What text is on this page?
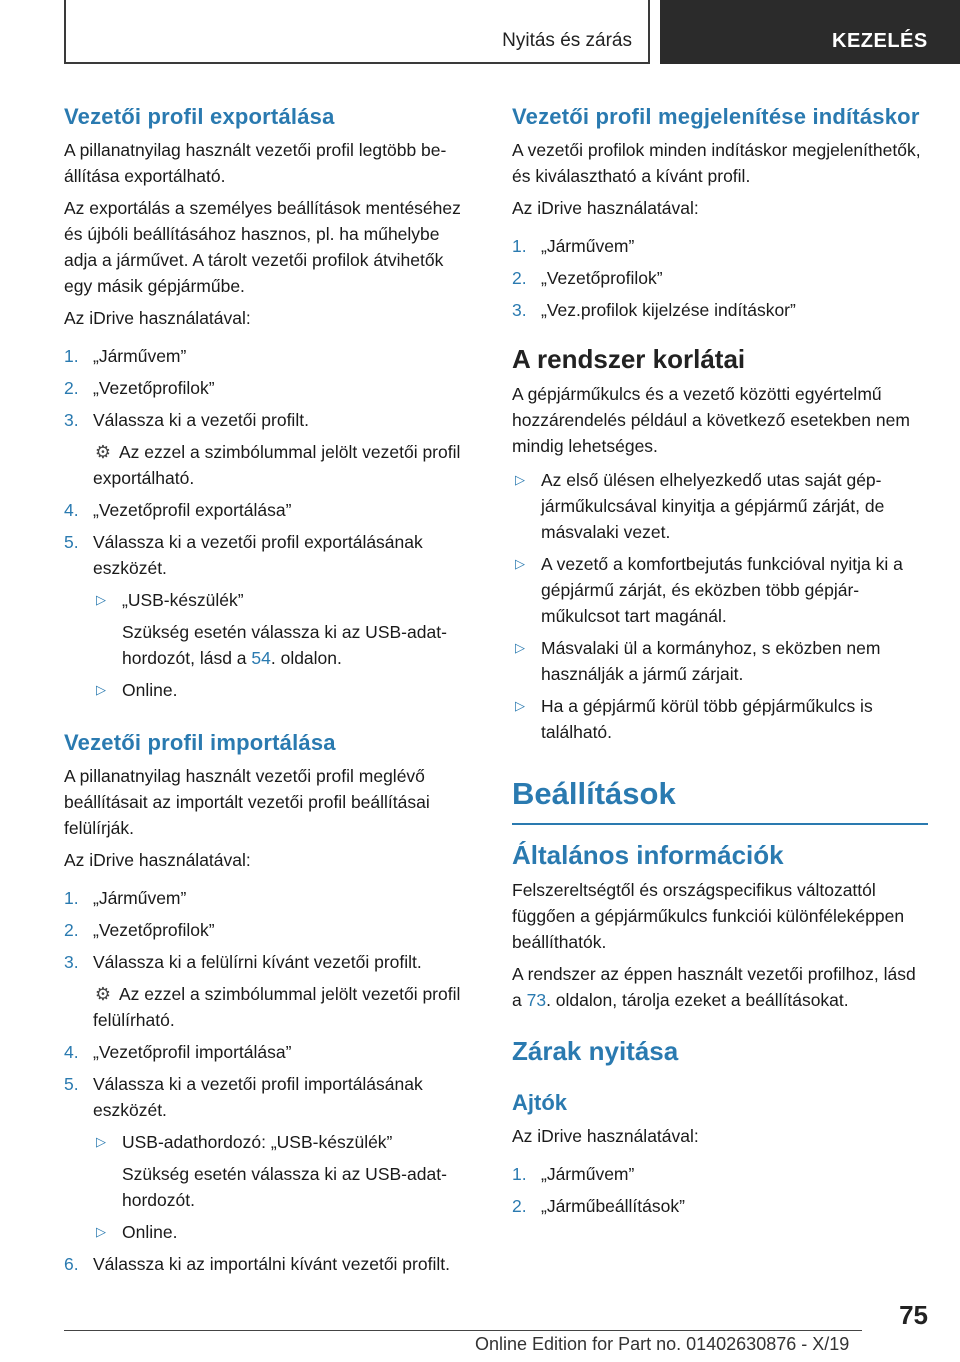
Nyitás és zárás	KEZELÉS
Vezetői profil exportálása

A pillanatnyilag használt vezetői profil legtöbb beállítása exportálható.

Az exportálás a személyes beállítások mentéséhez és újbóli beállításához hasznos, pl. ha műhelybe adja a járművet. A tárolt vezetői profilok átvihetők egy másik gépjárműbe.

Az iDrive használatával:

1. „Járművem”
2. „Vezetőprofilok”
3. Válassza ki a vezetői profilt.
⚙ Az ezzel a szimbólummal jelölt vezetői profil exportálható.
4. „Vezetőprofil exportálása”
5. Válassza ki a vezetői profil exportálásának eszközét.
▷ „USB-készülék”
Szükség esetén válassza ki az USB-adathordozót, lásd a 54. oldalon.
▷ Online.
Vezetői profil importálása

A pillanatnyilag használt vezetői profil meglévő beállításait az importált vezetői profil beállításai felülírják.

Az iDrive használatával:

1. „Járművem”
2. „Vezetőprofilok”
3. Válassza ki a felülírni kívánt vezetői profilt.
⚙ Az ezzel a szimbólummal jelölt vezetői profil felülírható.
4. „Vezetőprofil importálása”
5. Válassza ki a vezetői profil importálásának eszközét.
▷ USB-adathordozó: „USB-készülék”
Szükség esetén válassza ki az USB-adathordozót.
▷ Online.
6. Válassza ki az importálni kívánt vezetői profilt.
Vezetői profil megjelenítése indításkor

A vezetői profilok minden indításkor megjeleníthetők, és kiválasztható a kívánt profil.

Az iDrive használatával:

1. „Járművem”
2. „Vezetőprofilok”
3. „Vez.profilok kijelzése indításkor”
A rendszer korlátai

A gépjárműkulcs és a vezető közötti egyértelmű hozzárendelés például a következő esetekben nem mindig lehetséges.

▷ Az első ülésen elhelyezkedő utas saját gépjárműkulcsával kinyitja a gépjármű zárját, de másvalaki vezet.
▷ A vezető a komfortbejutás funkcióval nyitja ki a gépjármű zárját, és eközben több gépjárműkulcsot tart magánál.
▷ Másvalaki ül a kormányhoz, s eközben nem használják a jármű zárjait.
▷ Ha a gépjármű körül több gépjárműkulcs is található.
Beállítások
Általános információk

Felszereltségtől és országspecifikus változattól függően a gépjárműkulcs funkciói különféleképpen beállíthatók.

A rendszer az éppen használt vezetői profilhoz, lásd a 73. oldalon, tárolja ezeket a beállításokat.

Zárak nyitása
Ajtók

Az iDrive használatával:

1. „Járművem”
2. „Járműbeállítások”
75
Online Edition for Part no. 01402630876 - X/19
